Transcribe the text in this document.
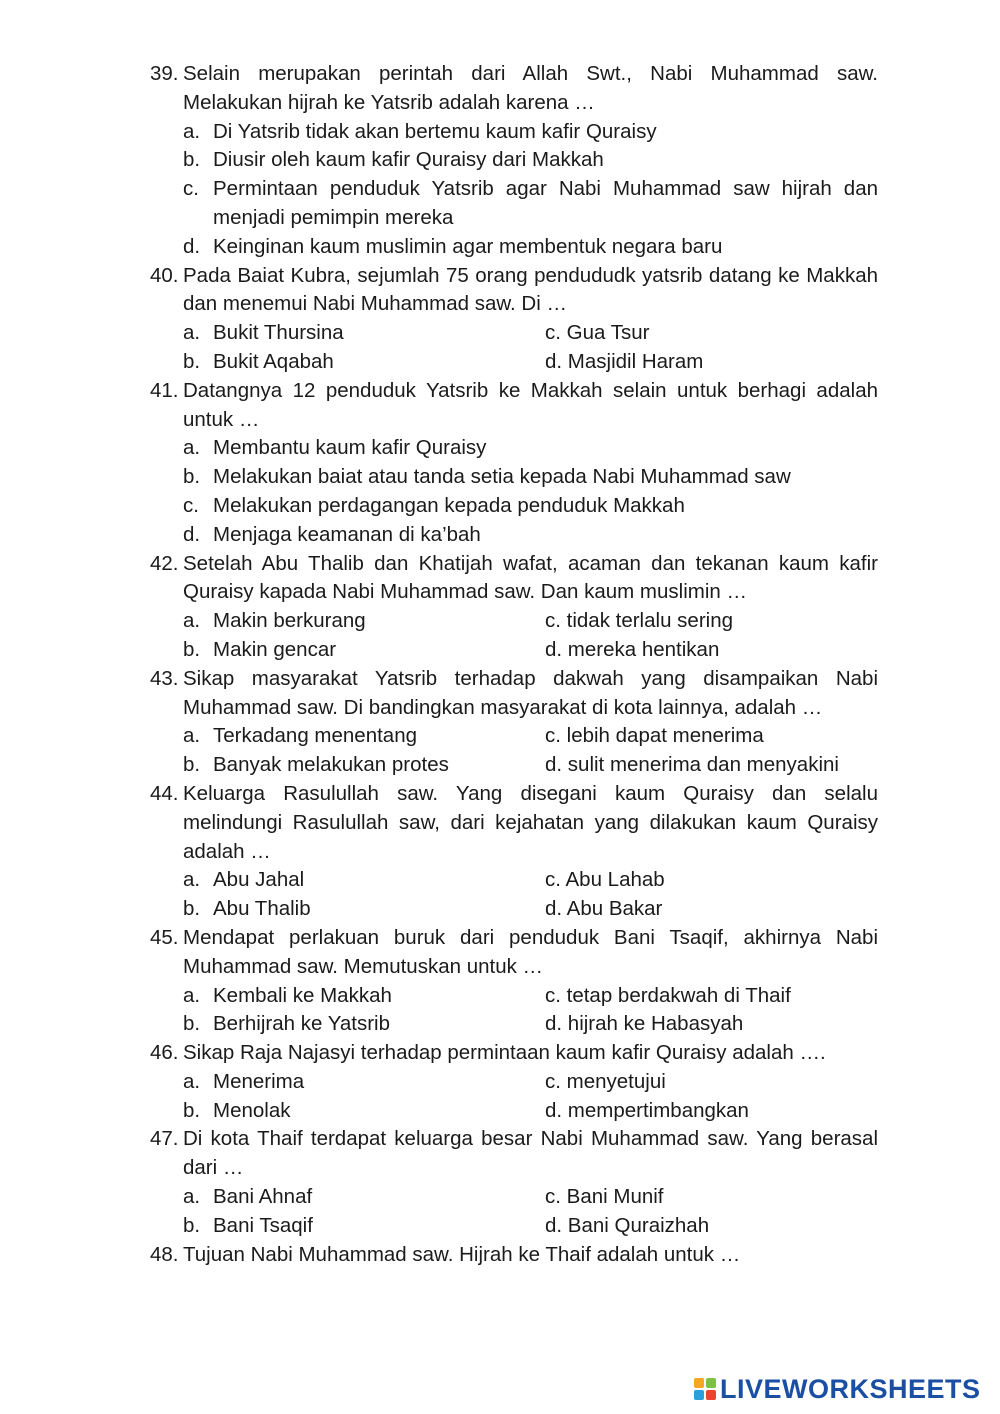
39. Selain merupakan perintah dari Allah Swt., Nabi Muhammad saw. Melakukan hijrah ke Yatsrib adalah karena …
a. Di Yatsrib tidak akan bertemu kaum kafir Quraisy
b. Diusir oleh kaum kafir Quraisy dari Makkah
c. Permintaan penduduk Yatsrib agar Nabi Muhammad saw hijrah dan menjadi pemimpin mereka
d. Keinginan kaum muslimin agar membentuk negara baru
40. Pada Baiat Kubra, sejumlah 75 orang pendududk yatsrib datang ke Makkah dan menemui Nabi Muhammad saw. Di …
a. Bukit Thursina	c. Gua Tsur
b. Bukit Aqabah	d. Masjidil Haram
41. Datangnya 12 penduduk Yatsrib ke Makkah selain untuk berhagi adalah untuk …
a. Membantu kaum kafir Quraisy
b. Melakukan baiat atau tanda setia kepada Nabi Muhammad saw
c. Melakukan perdagangan kepada penduduk Makkah
d. Menjaga keamanan di ka’bah
42. Setelah Abu Thalib dan Khatijah wafat, acaman dan tekanan kaum kafir Quraisy kapada Nabi Muhammad saw. Dan kaum muslimin …
a. Makin berkurang	c. tidak terlalu sering
b. Makin gencar	d. mereka hentikan
43. Sikap masyarakat Yatsrib terhadap dakwah yang disampaikan Nabi Muhammad saw. Di bandingkan masyarakat di kota lainnya, adalah …
a. Terkadang menentang	c. lebih dapat menerima
b. Banyak melakukan protes	d. sulit menerima dan menyakini
44. Keluarga Rasulullah saw. Yang disegani kaum Quraisy dan selalu melindungi Rasulullah saw, dari kejahatan yang dilakukan kaum Quraisy adalah …
a. Abu Jahal	c. Abu Lahab
b. Abu Thalib	d. Abu Bakar
45. Mendapat perlakuan buruk dari penduduk Bani Tsaqif, akhirnya Nabi Muhammad saw. Memutuskan untuk …
a. Kembali ke Makkah	c. tetap berdakwah di Thaif
b. Berhijrah ke Yatsrib	d. hijrah ke Habasyah
46. Sikap Raja Najasyi terhadap permintaan kaum kafir Quraisy adalah ….
a. Menerima	c. menyetujui
b. Menolak	d. mempertimbangkan
47. Di kota Thaif terdapat keluarga besar Nabi Muhammad saw. Yang berasal dari …
a. Bani Ahnaf	c. Bani Munif
b. Bani Tsaqif	d. Bani Quraizhah
48. Tujuan Nabi Muhammad saw. Hijrah ke Thaif adalah untuk …
LIVEWORKSHEETS
